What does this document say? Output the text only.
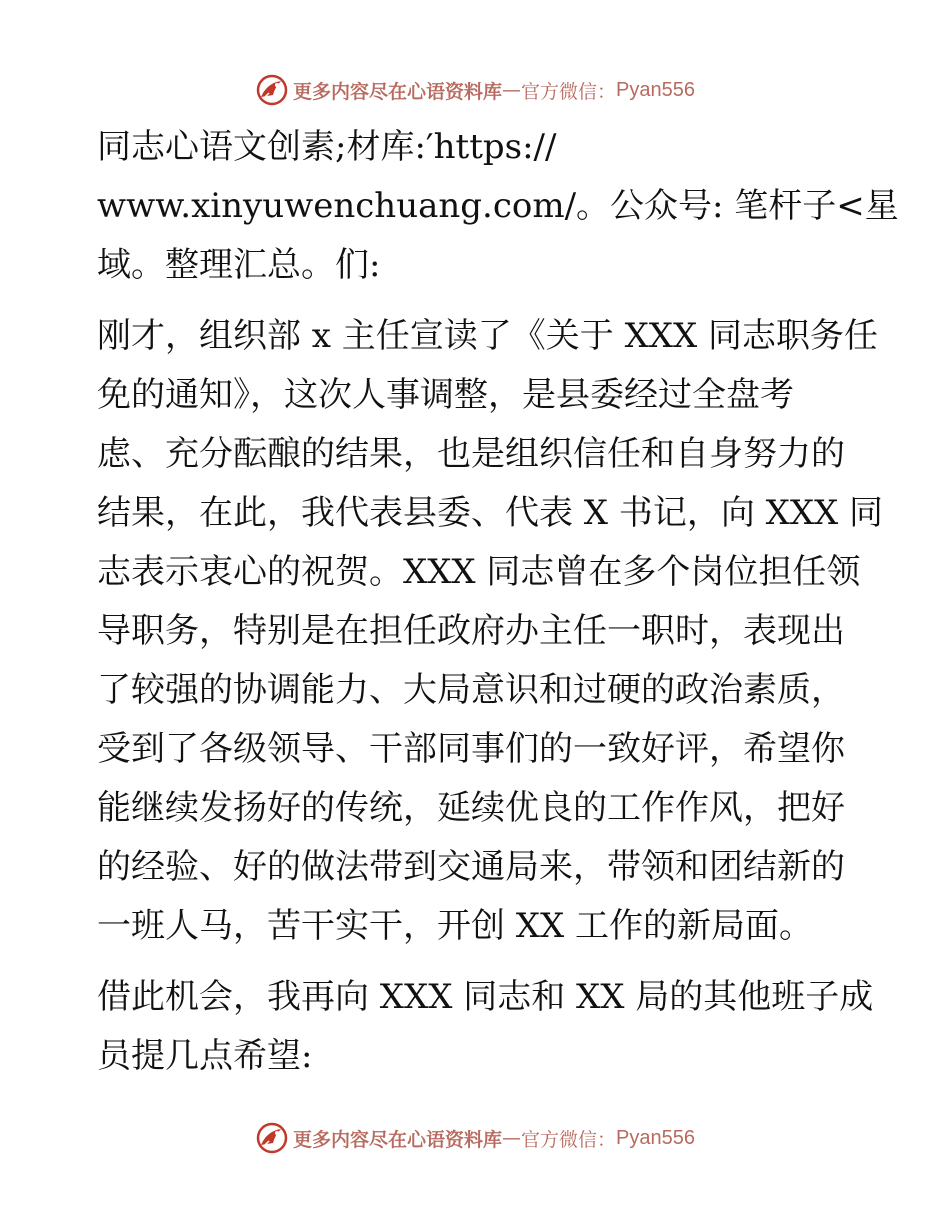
更多内容尽在心语资料库 — 官方微信： Pyan556
同志心语文创素;材库:′https://
www.xinyuwenchuang.com/。公众号: 笔杆子<星
域。整理汇总。们:
刚才，组织部 x 主任宣读了《关于 XXX 同志职务任
免的通知》，这次人事调整，是县委经过全盘考
虑、充分酝酿的结果，也是组织信任和自身努力的
结果，在此，我代表县委、代表 X 书记，向 XXX 同
志表示衷心的祝贺。XXX 同志曾在多个岗位担任领
导职务，特别是在担任政府办主任一职时，表现出
了较强的协调能力、大局意识和过硬的政治素质，
受到了各级领导、干部同事们的一致好评，希望你
能继续发扬好的传统，延续优良的工作作风，把好
的经验、好的做法带到交通局来，带领和团结新的
一班人马，苦干实干，开创 XX 工作的新局面。
借此机会，我再向 XXX 同志和 XX 局的其他班子成
员提几点希望:
更多内容尽在心语资料库 — 官方微信： Pyan556
